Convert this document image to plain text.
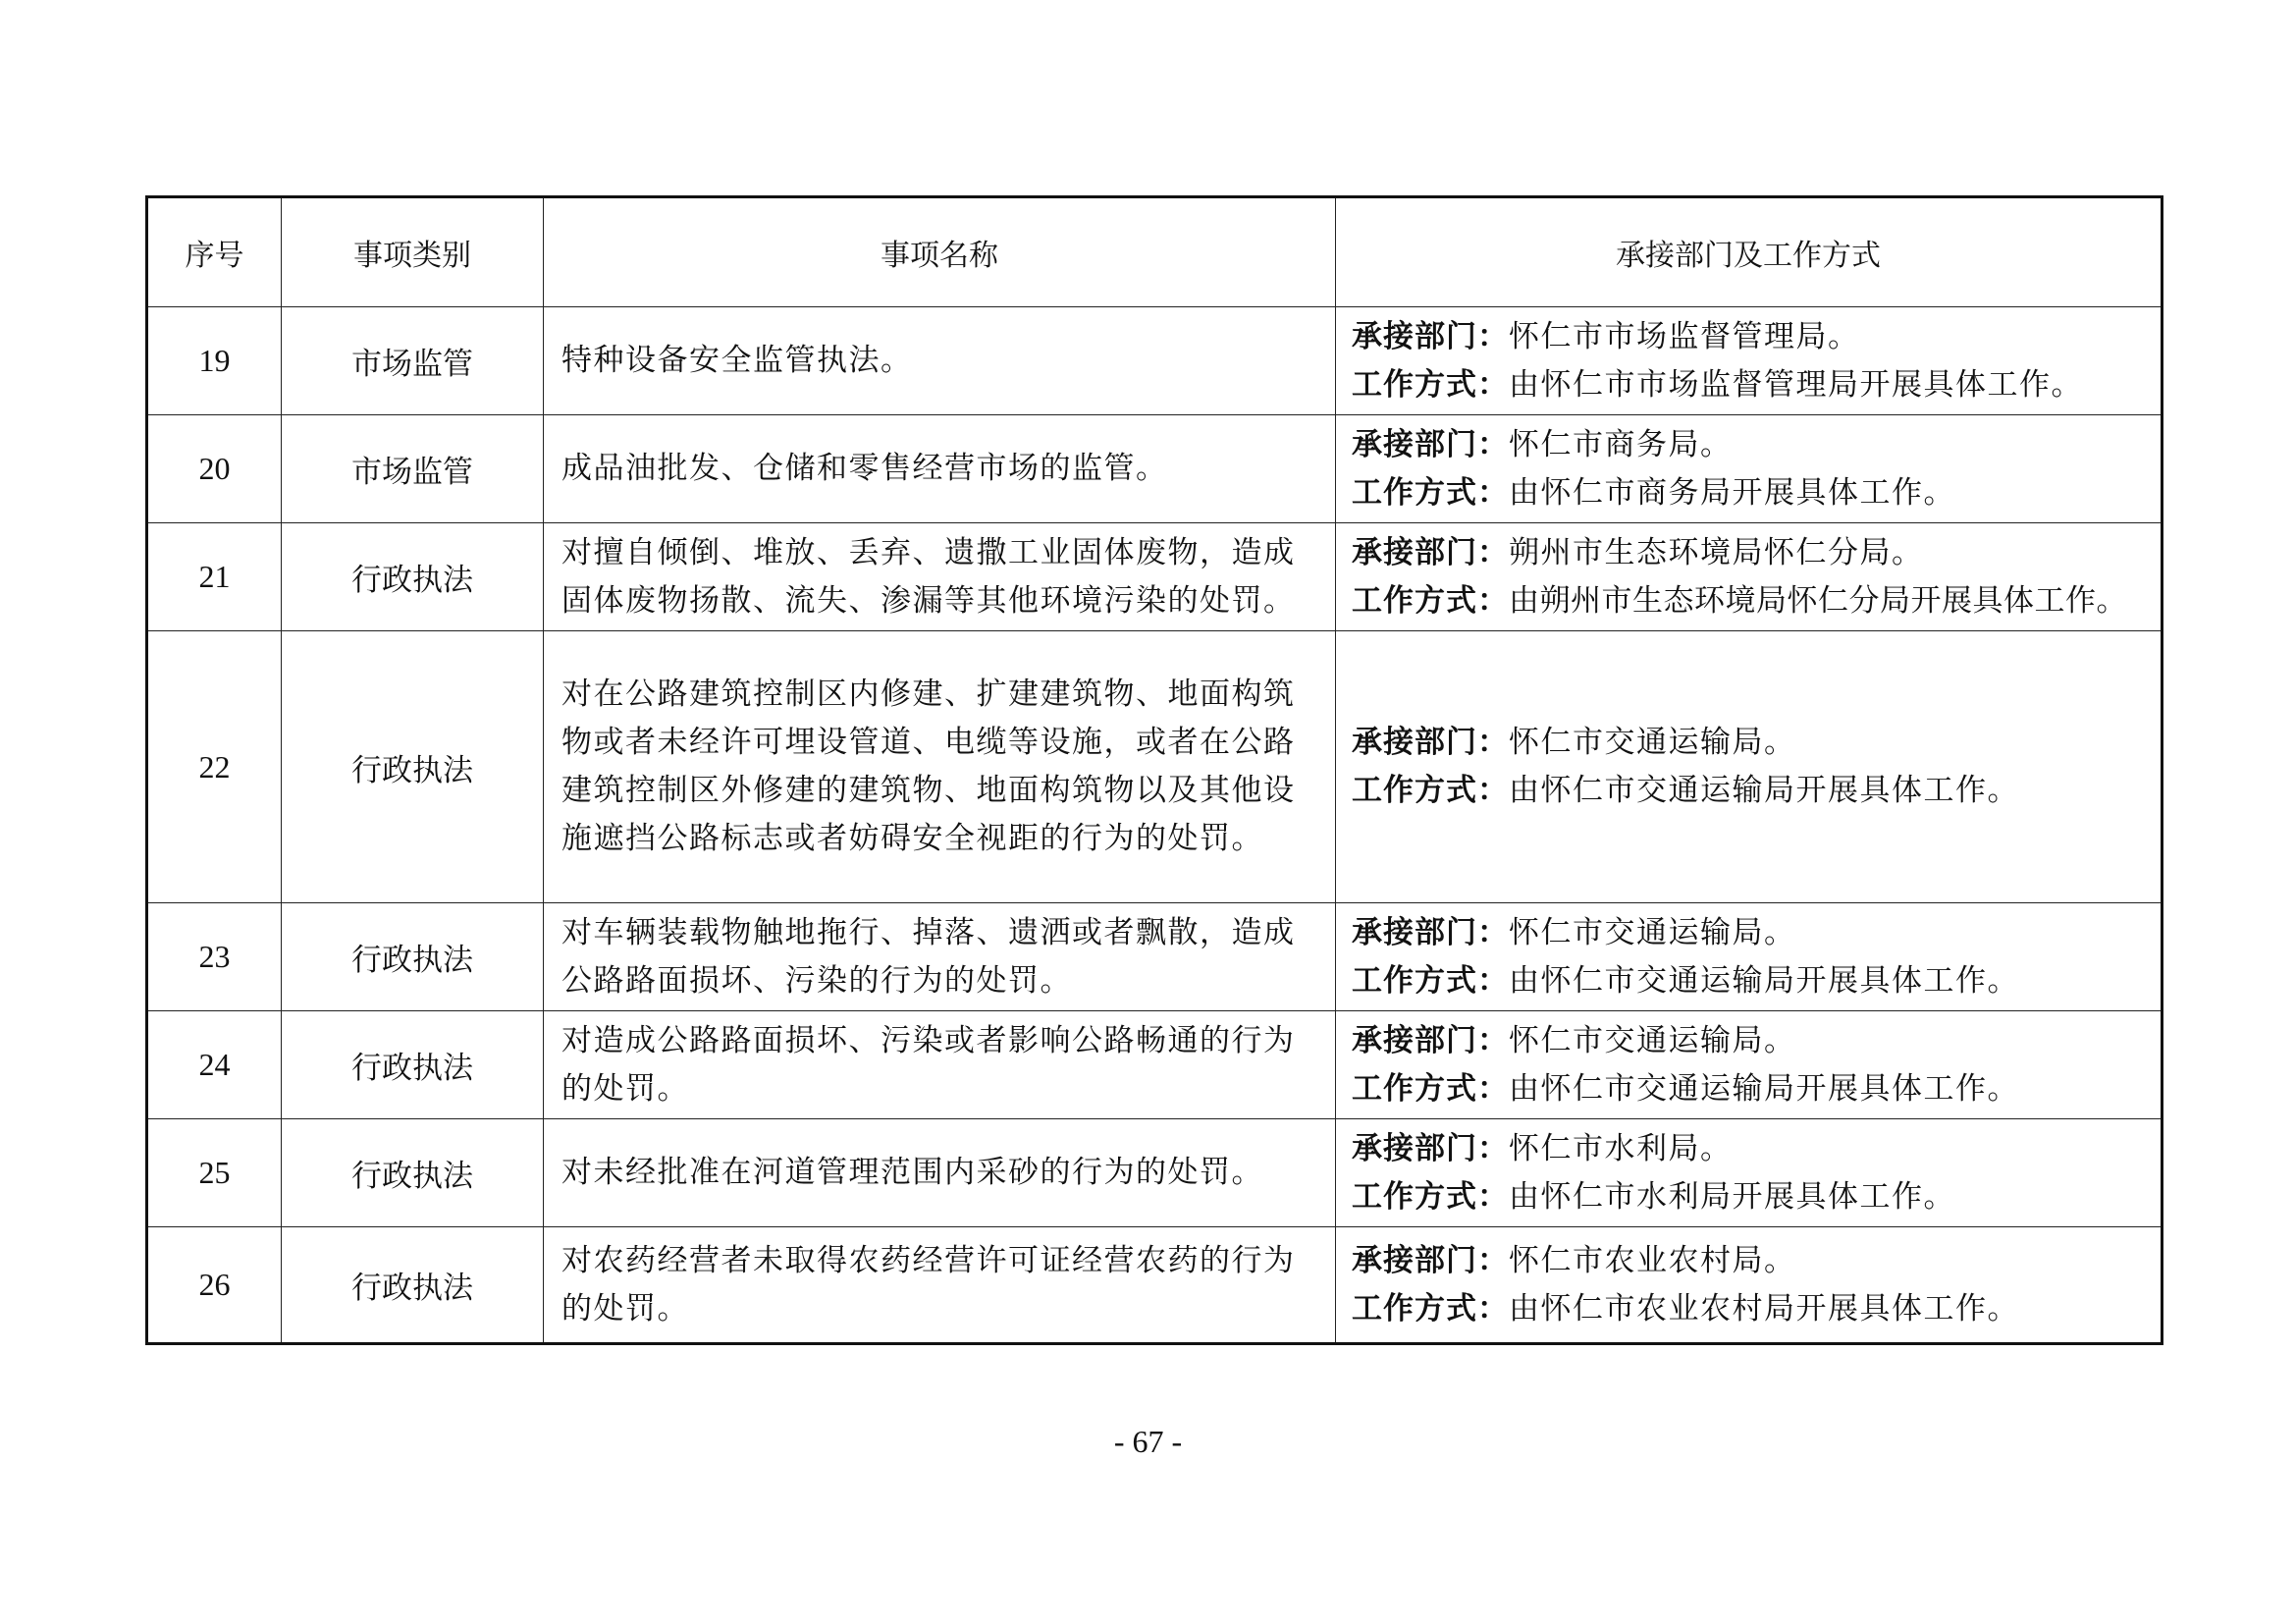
序号	事项类别	事项名称	承接部门及工作方式
19	市场监管	特种设备安全监管执法。	承接部门：怀仁市市场监督管理局。
工作方式：由怀仁市市场监督管理局开展具体工作。

20	市场监管	成品油批发、仓储和零售经营市场的监管。	承接部门：怀仁市商务局。
工作方式：由怀仁市商务局开展具体工作。

21	行政执法	对擅自倾倒、堆放、丢弃、遗撒工业固体废物，造成
固体废物扬散、流失、渗漏等其他环境污染的处罚。	承接部门：朔州市生态环境局怀仁分局。
工作方式：由朔州市生态环境局怀仁分局开展具体工作。

22	行政执法	对在公路建筑控制区内修建、扩建建筑物、地面构筑
物或者未经许可埋设管道、电缆等设施，或者在公路
建筑控制区外修建的建筑物、地面构筑物以及其他设
施遮挡公路标志或者妨碍安全视距的行为的处罚。	承接部门：怀仁市交通运输局。
工作方式：由怀仁市交通运输局开展具体工作。

23	行政执法	对车辆装载物触地拖行、掉落、遗洒或者飘散，造成
公路路面损坏、污染的行为的处罚。	承接部门：怀仁市交通运输局。
工作方式：由怀仁市交通运输局开展具体工作。

24	行政执法	对造成公路路面损坏、污染或者影响公路畅通的行为
的处罚。	承接部门：怀仁市交通运输局。
工作方式：由怀仁市交通运输局开展具体工作。

25	行政执法	对未经批准在河道管理范围内采砂的行为的处罚。	承接部门：怀仁市水利局。
工作方式：由怀仁市水利局开展具体工作。

26	行政执法	对农药经营者未取得农药经营许可证经营农药的行为
的处罚。	承接部门：怀仁市农业农村局。
工作方式：由怀仁市农业农村局开展具体工作。
- 67 -
